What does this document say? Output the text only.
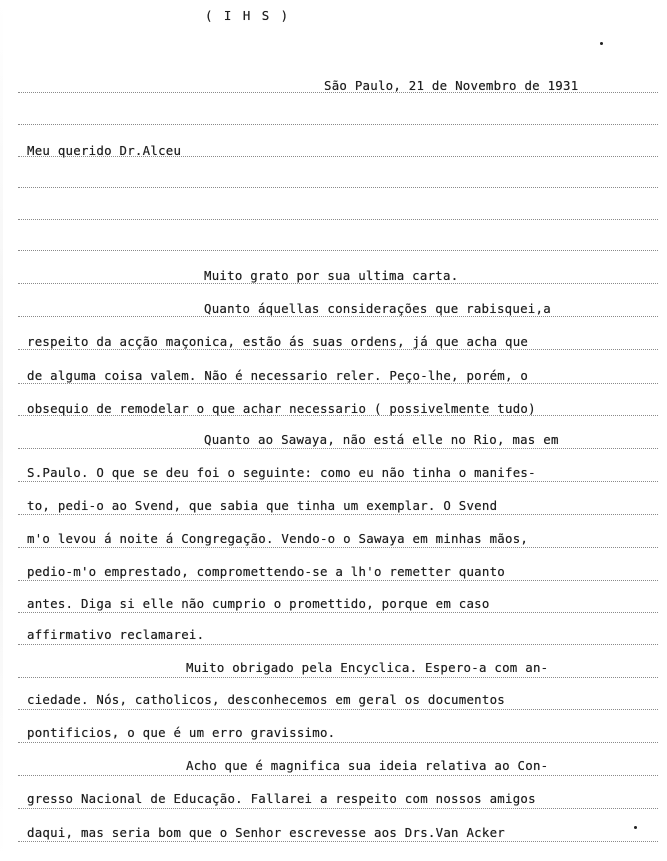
( I H S )
São Paulo, 21 de Novembro de 1931
Meu querido Dr.Alceu
Muito grato por sua ultima carta.
Quanto áquellas considerações que rabisquei,a
respeito da acção maçonica, estão ás suas ordens, já que acha que
de alguma coisa valem. Não é necessario reler. Peço-lhe, porém, o
obsequio de remodelar o que achar necessario ( possivelmente tudo)
Quanto ao Sawaya, não está elle no Rio, mas em
S.Paulo. O que se deu foi o seguinte: como eu não tinha o manifes-
to, pedi-o ao Svend, que sabia que tinha um exemplar. O Svend
m'o levou á noite á Congregação. Vendo-o o Sawaya em minhas mãos,
pedio-m'o emprestado, compromettendo-se a lh'o remetter quanto
antes. Diga si elle não cumprio o promettido, porque em caso
affirmativo reclamarei.
Muito obrigado pela Encyclica. Espero-a com an-
ciedade. Nós, catholicos, desconhecemos em geral os documentos
pontificios, o que é um erro gravissimo.
Acho que é magnifica sua ideia relativa ao Con-
gresso Nacional de Educação. Fallarei a respeito com nossos amigos
daqui, mas seria bom que o Senhor escrevesse aos Drs.Van Acker
